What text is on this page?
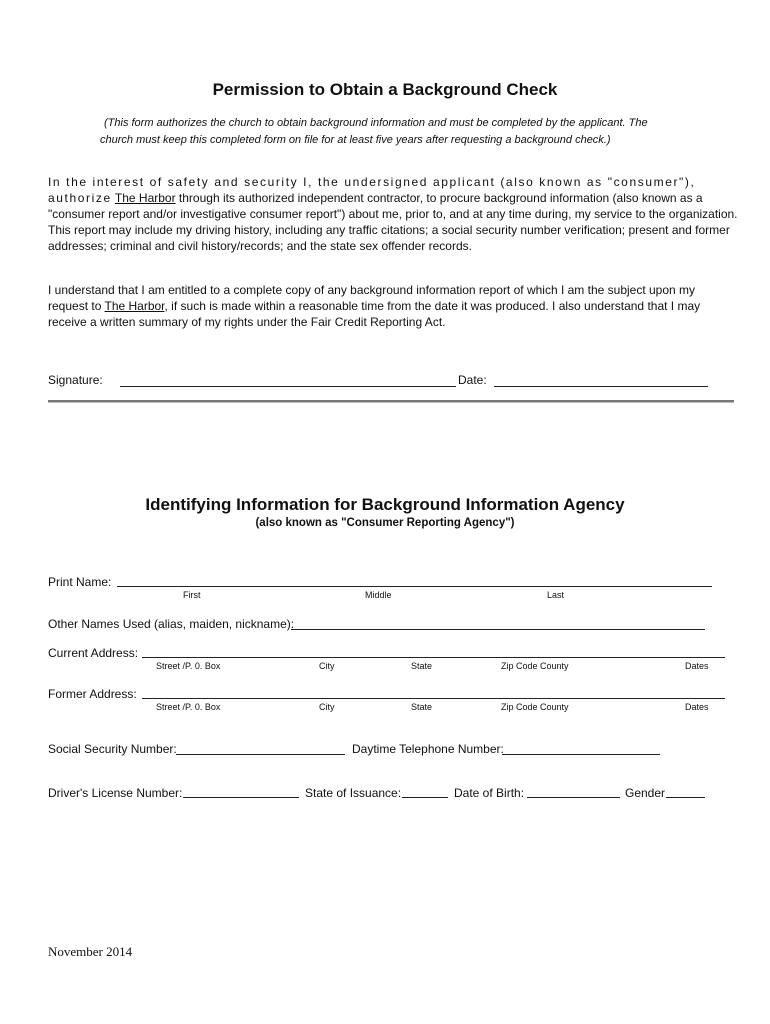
Permission to Obtain a Background Check
(This form authorizes the church to obtain background information and must be completed by the applicant. The
church must keep this completed form on file for at least five years after requesting a background check.)
In the interest of safety and security I, the undersigned applicant (also known as "consumer"),
authorize The Harbor through its authorized independent contractor, to procure background information (also known as a "consumer report and/or investigative consumer report") about me, prior to, and at any time during, my service to the organization. This report may include my driving history, including any traffic citations; a social security number verification; present and former addresses; criminal and civil history/records; and the state sex offender records.
I understand that I am entitled to a complete copy of any background information report of which I am the subject upon my request to The Harbor, if such is made within a reasonable time from the date it was produced. I also understand that I may receive a written summary of my rights under the Fair Credit Reporting Act.
Signature:	Date:
Identifying Information for Background Information Agency
(also known as "Consumer Reporting Agency")
Print Name:
First	Middle	Last
Other Names Used (alias, maiden, nickname):
Current Address:
Street /P. 0. Box	City	State	Zip Code County	Dates
Former Address:
Street /P. 0. Box	City	State	Zip Code County	Dates
Social Security Number:	Daytime Telephone Number:
Driver's License Number:	State of Issuance:	Date of Birth:	Gender
November 2014
